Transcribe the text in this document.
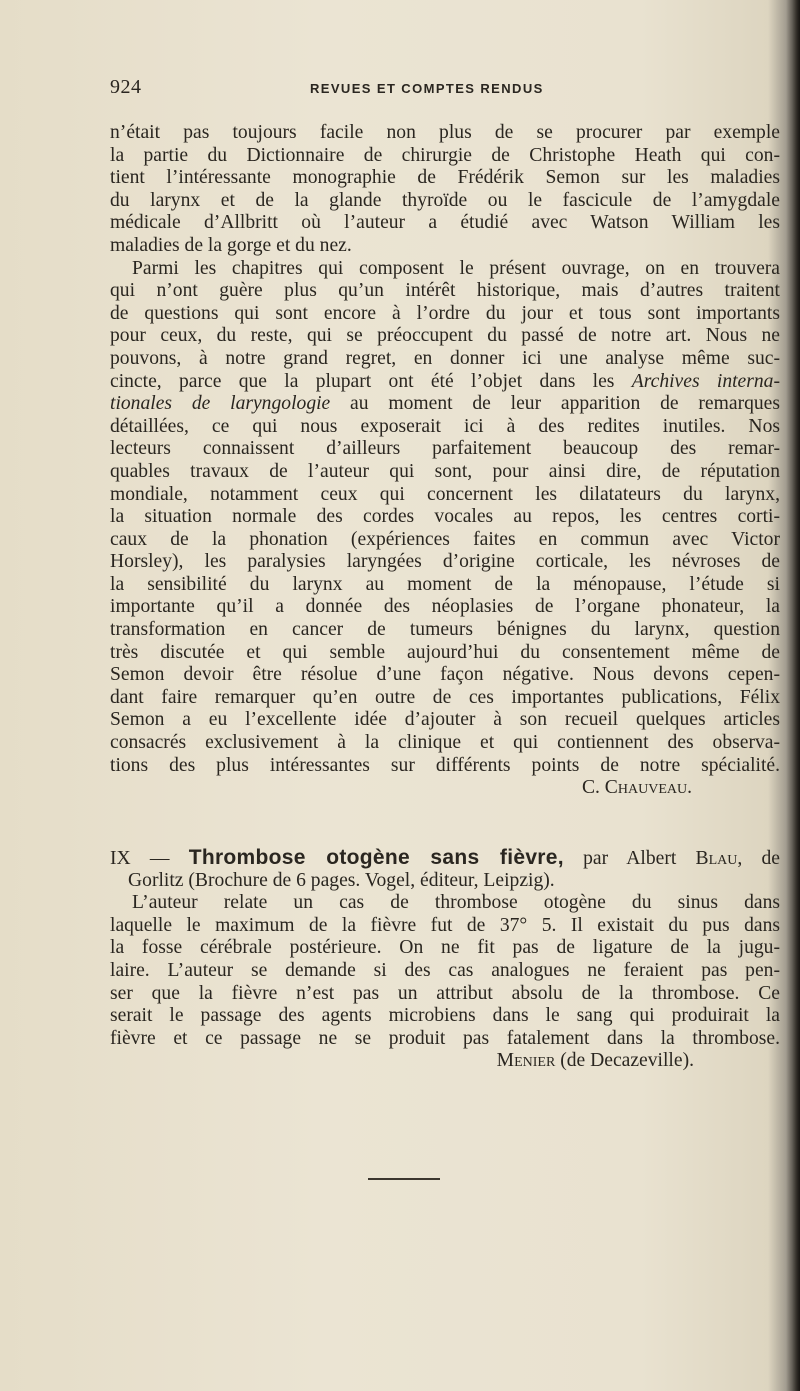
924	REVUES ET COMPTES RENDUS
n’était pas toujours facile non plus de se procurer par exemple
la partie du Dictionnaire de chirurgie de Christophe Heath qui con-
tient l’intéressante monographie de Frédérik Semon sur les maladies
du larynx et de la glande thyroïde ou le fascicule de l’amygdale
médicale d’Allbritt où l’auteur a étudié avec Watson William les
maladies de la gorge et du nez.
Parmi les chapitres qui composent le présent ouvrage, on en trouvera
qui n’ont guère plus qu’un intérêt historique, mais d’autres traitent
de questions qui sont encore à l’ordre du jour et tous sont importants
pour ceux, du reste, qui se préoccupent du passé de notre art. Nous ne
pouvons, à notre grand regret, en donner ici une analyse même suc-
cincte, parce que la plupart ont été l’objet dans les Archives interna-
tionales de laryngologie au moment de leur apparition de remarques
détaillées, ce qui nous exposerait ici à des redites inutiles. Nos
lecteurs connaissent d’ailleurs parfaitement beaucoup des remar-
quables travaux de l’auteur qui sont, pour ainsi dire, de réputation
mondiale, notamment ceux qui concernent les dilatateurs du larynx,
la situation normale des cordes vocales au repos, les centres corti-
caux de la phonation (expériences faites en commun avec Victor
Horsley), les paralysies laryngées d’origine corticale, les névroses de
la sensibilité du larynx au moment de la ménopause, l’étude si
importante qu’il a donnée des néoplasies de l’organe phonateur, la
transformation en cancer de tumeurs bénignes du larynx, question
très discutée et qui semble aujourd’hui du consentement même de
Semon devoir être résolue d’une façon négative. Nous devons cepen-
dant faire remarquer qu’en outre de ces importantes publications, Félix
Semon a eu l’excellente idée d’ajouter à son recueil quelques articles
consacrés exclusivement à la clinique et qui contiennent des observa-
tions des plus intéressantes sur différents points de notre spécialité.
C. Chauveau.
IX — Thrombose otogène sans fièvre, par Albert Blau, de
Gorlitz (Brochure de 6 pages. Vogel, éditeur, Leipzig).
L’auteur relate un cas de thrombose otogène du sinus dans
laquelle le maximum de la fièvre fut de 37° 5. Il existait du pus dans
la fosse cérébrale postérieure. On ne fit pas de ligature de la jugu-
laire. L’auteur se demande si des cas analogues ne feraient pas pen-
ser que la fièvre n’est pas un attribut absolu de la thrombose. Ce
serait le passage des agents microbiens dans le sang qui produirait la
fièvre et ce passage ne se produit pas fatalement dans la thrombose.
Menier (de Decazeville).
